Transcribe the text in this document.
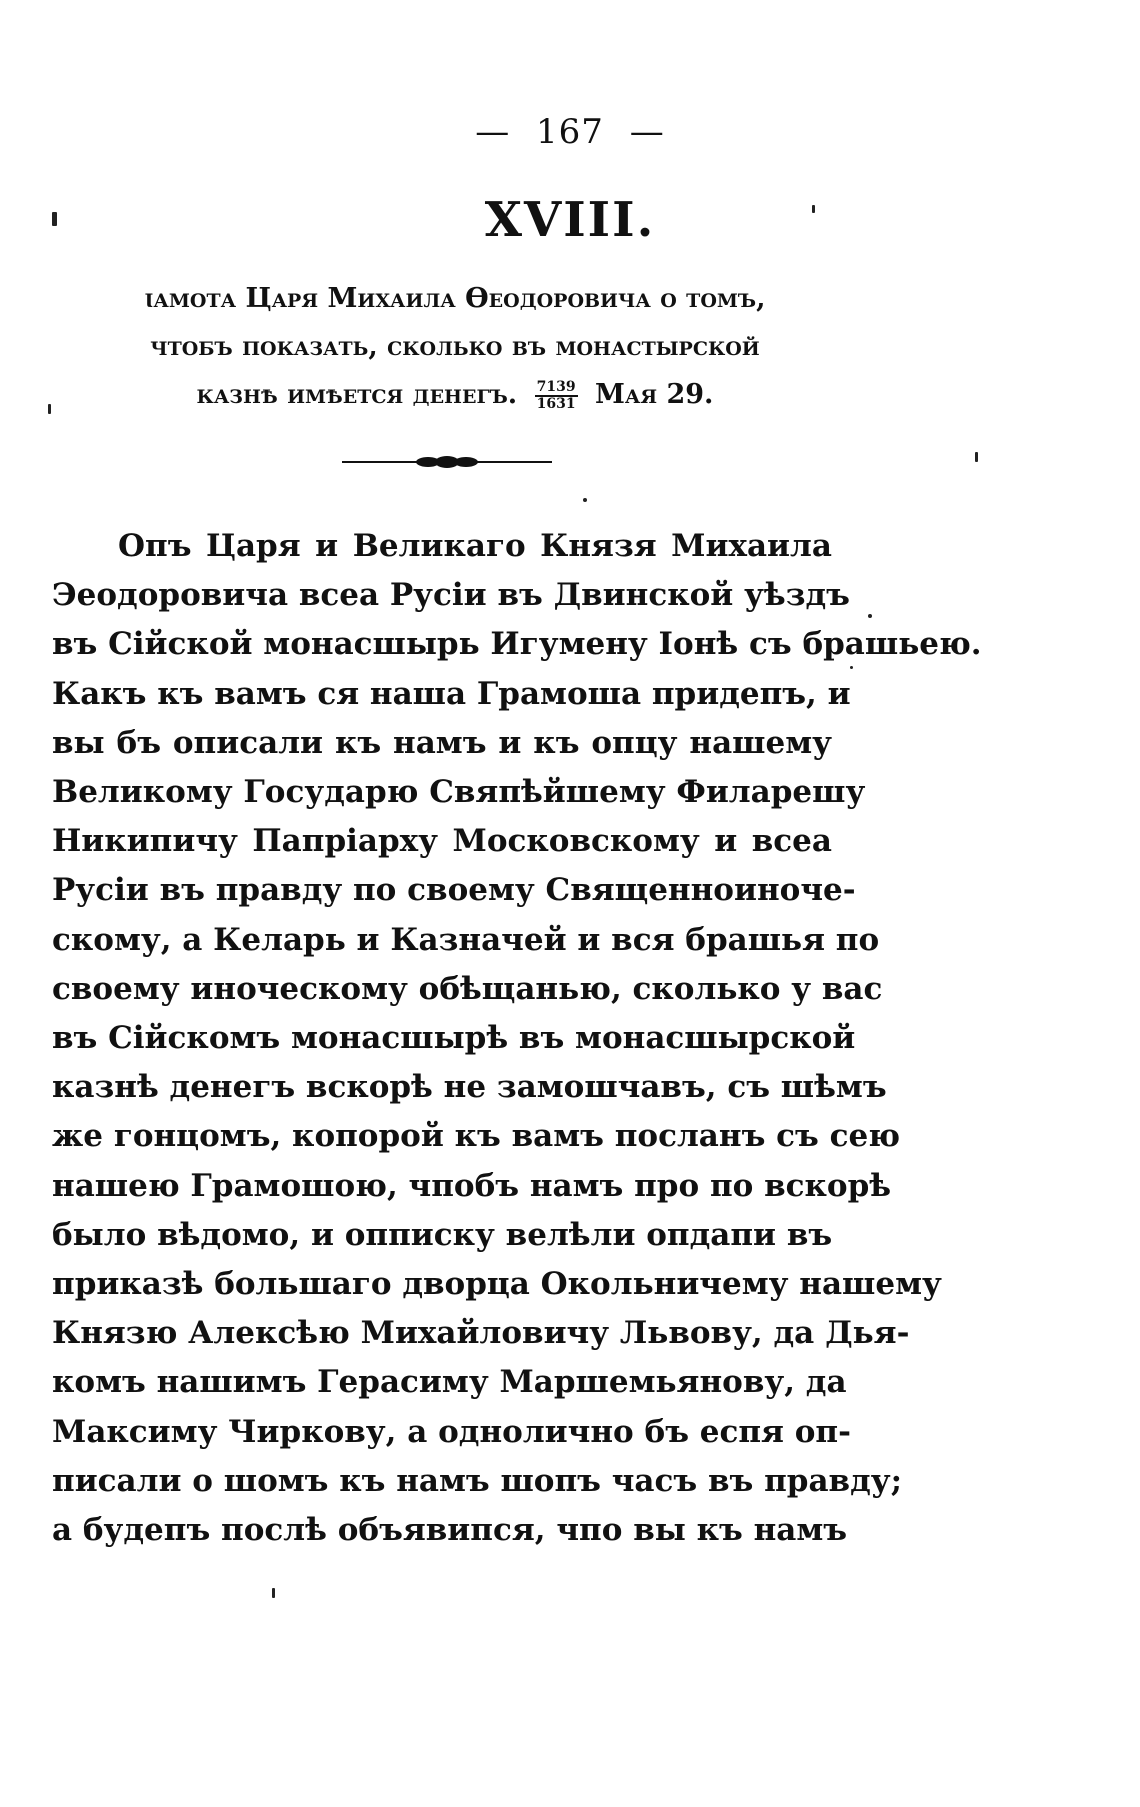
— 167 —
XVIII.
ꙇамота Царя Михаила Өеодоровича о томъ,
чтобъ показать, сколько въ монастырской
казнѣ имѣется денегъ. $\frac{7139}{1631}$ Мая 29.
Опъ Царя и Великаго Князя Михаила
Эеодоровича всеа Русіи въ Двинской уѣздъ
въ Сійской монасшырь Игумену Іонѣ съ брашьею.
Какъ къ вамъ ся наша Грамоша придепъ, и
вы бъ описали къ намъ и къ опцу нашему
Великому Государю Свяпѣйшему Филарешу
Никипичу Папріарху Московскому и всеа
Русіи въ правду по своему Священноиноче-
скому, а Келарь и Казначей и вся брашья по
своему иноческому обѣщанью, сколько у вас
въ Сійскомъ монасшырѣ въ монасшырской
казнѣ денегъ вскорѣ не замошчавъ, съ шѣмъ
же гонцомъ, копорой къ вамъ посланъ съ сею
нашею Грамошою, чпобъ намъ про по вскорѣ
было вѣдомо, и опписку велѣли опдапи въ
приказѣ большаго дворца Окольничему нашему
Князю Алексѣю Михайловичу Львову, да Дья-
комъ нашимъ Герасиму Маршемьянову, да
Максиму Чиркову, а однолично бъ еспя оп-
писали о шомъ къ намъ шопъ часъ въ правду;
а будепъ послѣ объявипся, чпо вы къ намъ
